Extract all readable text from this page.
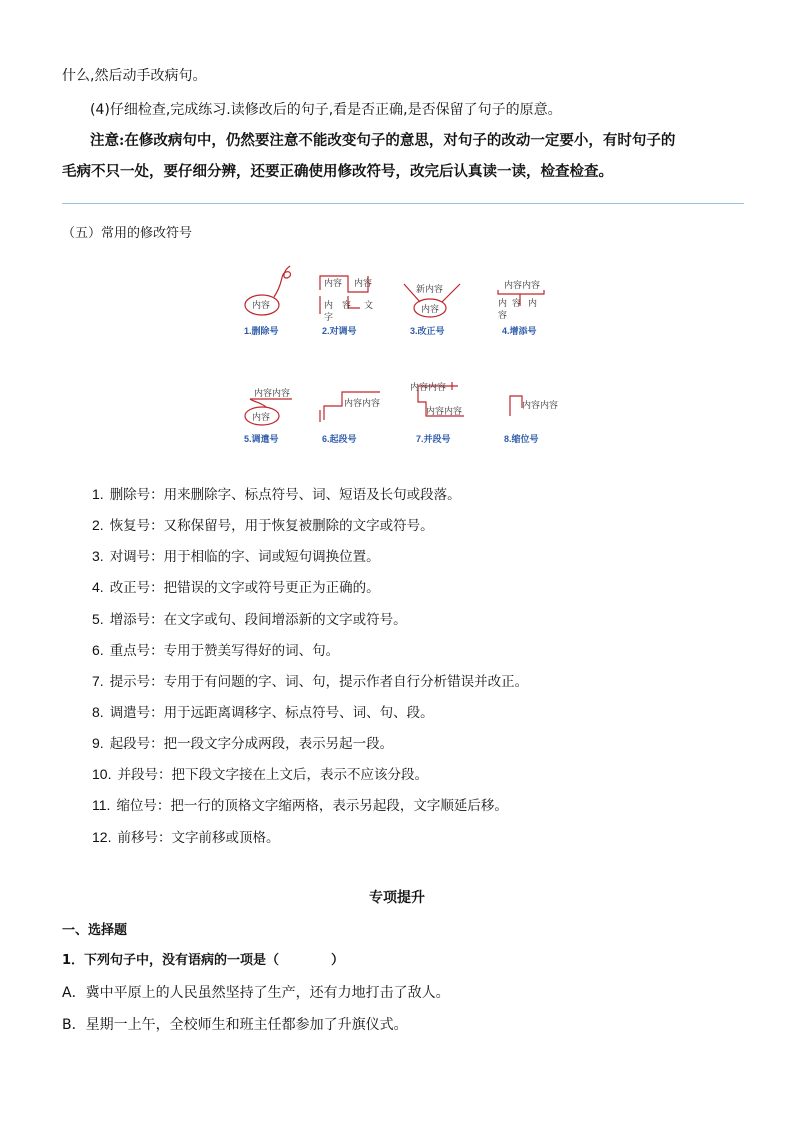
什么,然后动手改病句。
(4)仔细检查,完成练习.读修改后的句子,看是否正确,是否保留了句子的原意。
注意:在修改病句中，仍然要注意不能改变句子的意思，对句子的改动一定要小，有时句子的
毛病不只一处，要仔细分辨，还要正确使用修改符号，改完后认真读一读，检查检查。
（五）常用的修改符号
内容
1.删除号
内容 内容
内 容 文
字
2.对调号
新内容
内容
3.改正号
内容内容
内 容 内
容
4.增添号
内容内容
内容
5.调遣号
内容内容
6.起段号
内容内容
内容内容
7.并段号
内容内容
8.缩位号
1. 删除号：用来删除字、标点符号、词、短语及长句或段落。
2. 恢复号：又称保留号，用于恢复被删除的文字或符号。
3. 对调号：用于相临的字、词或短句调换位置。
4. 改正号：把错误的文字或符号更正为正确的。
5. 增添号：在文字或句、段间增添新的文字或符号。
6. 重点号：专用于赞美写得好的词、句。
7. 提示号：专用于有问题的字、词、句，提示作者自行分析错误并改正。
8. 调遣号：用于远距离调移字、标点符号、词、句、段。
9. 起段号：把一段文字分成两段，表示另起一段。
10. 并段号：把下段文字接在上文后，表示不应该分段。
11. 缩位号：把一行的顶格文字缩两格，表示另起段，文字顺延后移。
12. 前移号：文字前移或顶格。
专项提升
一、选择题
1．下列句子中，没有语病的一项是（　　　　）
A．冀中平原上的人民虽然坚持了生产，还有力地打击了敌人。
B．星期一上午，全校师生和班主任都参加了升旗仪式。
